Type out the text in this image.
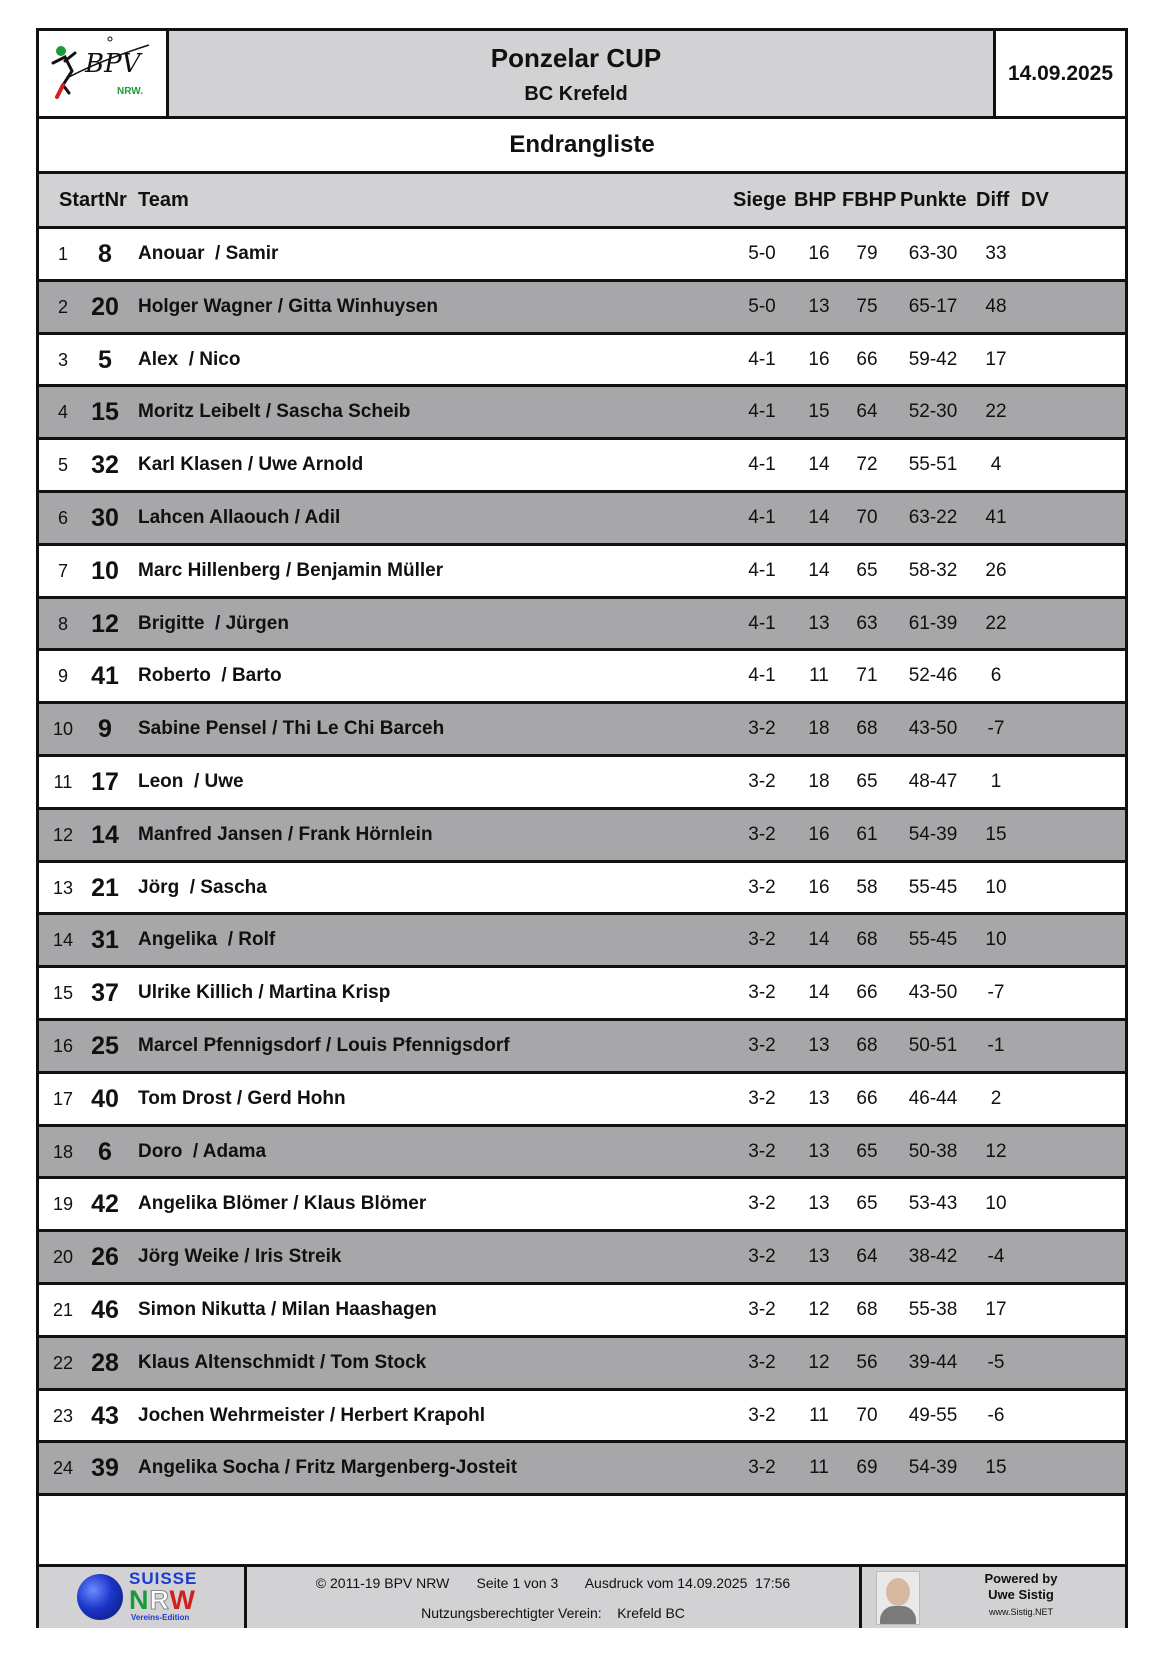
BPV
NRW.
Ponzelar CUP
BC Krefeld
14.09.2025
Endrangliste
StartNr Team	Siege BHP FBHP Punkte Diff DV
1	8	Anouar  / Samir	5-0	16	79	63-30	33
2 20 Holger Wagner / Gitta Winhuysen	5-0	13	75	65-17	48
3	5	Alex  / Nico	4-1	16	66	59-42	17
4 15 Moritz Leibelt / Sascha Scheib	4-1	15	64	52-30	22
5 32 Karl Klasen / Uwe Arnold	4-1	14	72	55-51	4
6 30 Lahcen Allaouch / Adil	4-1	14	70	63-22	41
7 10 Marc Hillenberg / Benjamin Müller	4-1	14	65	58-32	26
8 12 Brigitte  / Jürgen	4-1	13	63	61-39	22
9 41 Roberto  / Barto	4-1	11	71	52-46	6
10	9	Sabine Pensel / Thi Le Chi Barceh	3-2	18	68	43-50	-7
11 17 Leon  / Uwe	3-2	18	65	48-47	1
12 14 Manfred Jansen / Frank Hörnlein	3-2	16	61	54-39	15
13 21 Jörg  / Sascha	3-2	16	58	55-45	10
14 31 Angelika  / Rolf	3-2	14	68	55-45	10
15 37 Ulrike Killich / Martina Krisp	3-2	14	66	43-50	-7
16 25 Marcel Pfennigsdorf / Louis Pfennigsdorf	3-2	13	68	50-51	-1
17 40 Tom Drost / Gerd Hohn	3-2	13	66	46-44	2
18	6	Doro  / Adama	3-2	13	65	50-38	12
19 42 Angelika Blömer / Klaus Blömer	3-2	13	65	53-43	10
20 26 Jörg Weike / Iris Streik	3-2	13	64	38-42	-4
21 46 Simon Nikutta / Milan Haashagen	3-2	12	68	55-38	17
22 28 Klaus Altenschmidt / Tom Stock	3-2	12	56	39-44	-5
23 43 Jochen Wehrmeister / Herbert Krapohl	3-2	11	70	49-55	-6
24 39 Angelika Socha / Fritz Margenberg-Josteit	3-2	11	69	54-39	15
SUISSE
NRW
Vereins-Edition
© 2011-19 BPV NRW       Seite 1 von 3       Ausdruck vom 14.09.2025  17:56
Nutzungsberechtigter Verein:    Krefeld BC
Powered by
Uwe Sistig
www.Sistig.NET
